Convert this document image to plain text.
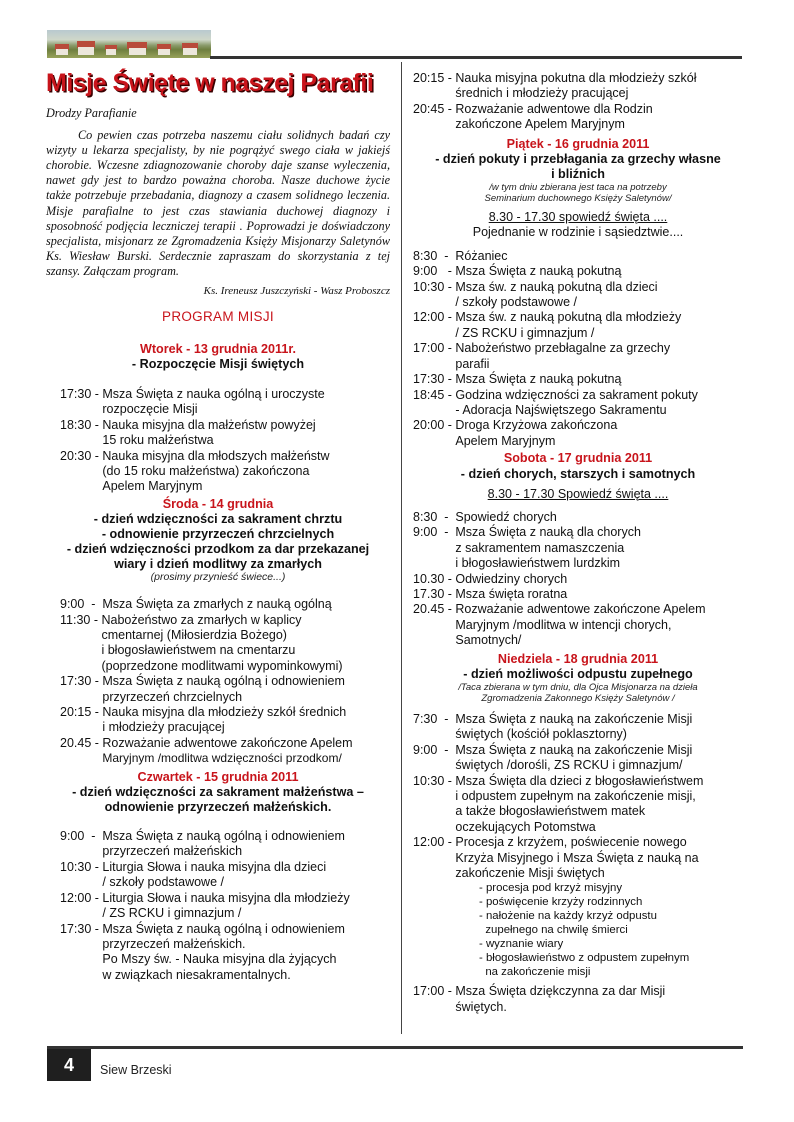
Misje Święte w naszej Parafii

Drodzy Parafianie

Co pewien czas potrzeba naszemu ciału solidnych badań czy wizyty u lekarza specjalisty, by nie pogrążyć swego ciała w jakiejś chorobie. Wczesne zdiagnozowanie choroby daje szanse wyleczenia, nawet gdy jest to bardzo poważna choroba. Nasze duchowe życie także potrzebuje przebadania, diagnozy a czasem solidnego leczenia. Misje parafialne to jest czas stawiania duchowej diagnozy i sposobność podjęcia leczniczej terapii . Poprowadzi je doświadczony specjalista, misjonarz ze Zgromadzenia Księży Misjonarzy Saletynów Ks. Wiesław Burski. Serdecznie zapraszam do skorzystania z tej szansy. Załączam program.

Ks. Ireneusz Juszczyński - Wasz Proboszcz

PROGRAM MISJI
Wtorek - 13 grudnia 2011r.
- Rozpoczęcie Misji świętych
17:30 - Msza Święta z nauka ogólną i uroczyste
rozpoczęcie Misji
18:30 - Nauka misyjna dla małżeństw powyżej
15 roku małżeństwa
20:30 - Nauka misyjna dla młodszych małżeństw
(do 15 roku małżeństwa) zakończona
Apelem Maryjnym
Środa - 14 grudnia
- dzień wdzięczności za sakrament chrztu
- odnowienie przyrzeczeń chrzcielnych
- dzień wdzięczności przodkom za dar przekazanej
wiary i dzień modlitwy za zmarłych
(prosimy przynieść świece...)
9:00  - Msza Święta za zmarłych z nauką ogólną
11:30 - Nabożeństwo za zmarłych w kaplicy
cmentarnej (Miłosierdzia Bożego)
i błogosławieństwem na cmentarzu
(poprzedzone modlitwami wypominkowymi)
17:30 - Msza Święta z nauką ogólną i odnowieniem
przyrzeczeń chrzcielnych
20:15 - Nauka misyjna dla młodzieży szkół średnich
i młodzieży pracującej
20.45 - Rozważanie adwentowe zakończone Apelem
Maryjnym /modlitwa wdzięczności przodkom/
Czwartek - 15 grudnia 2011
- dzień wdzięczności za sakrament małżeństwa –
odnowienie przyrzeczeń małżeńskich.
9:00  - Msza Święta z nauką ogólną i odnowieniem
przyrzeczeń małżeńskich
10:30 - Liturgia Słowa i nauka misyjna dla dzieci
/ szkoły podstawowe /
12:00 - Liturgia Słowa i nauka misyjna dla młodzieży
/ ZS RCKU i gimnazjum /
17:30 - Msza Święta z nauką ogólną i odnowieniem
przyrzeczeń małżeńskich.
Po Mszy św. - Nauka misyjna dla żyjących
w związkach niesakramentalnych.
20:15 - Nauka misyjna pokutna dla młodzieży szkół
średnich i młodzieży pracującej
20:45 - Rozważanie adwentowe dla Rodzin
zakończone Apelem Maryjnym
Piątek - 16 grudnia 2011
- dzień pokuty i przebłagania za grzechy własne
i bliźnich
/w tym dniu zbierana jest taca na potrzeby
Seminarium duchownego Księży Saletynów/
8.30 - 17.30 spowiedź święta ....
Pojednanie w rodzinie i sąsiedztwie....
8:30  - Różaniec
9:00   - Msza Święta z nauką pokutną
10:30 - Msza św. z nauką pokutną dla dzieci
/ szkoły podstawowe /
12:00 - Msza św. z nauką pokutną dla młodzieży
/ ZS RCKU i gimnazjum /
17:00 - Nabożeństwo przebłagalne za grzechy
parafii
17:30 - Msza Święta z nauką pokutną
18:45 - Godzina wdzięczności za sakrament pokuty
- Adoracja Najświętszego Sakramentu
20:00 - Droga Krzyżowa zakończona
Apelem Maryjnym
Sobota - 17 grudnia 2011
- dzień chorych, starszych i samotnych
8.30 - 17.30 Spowiedź święta ....
8:30  - Spowiedź chorych
9:00  - Msza Święta z nauką dla chorych
z sakramentem namaszczenia
i błogosławieństwem lurdzkim
10.30 - Odwiedziny chorych
17.30 - Msza święta roratna
20.45 - Rozważanie adwentowe zakończone Apelem
Maryjnym /modlitwa w intencji chorych,
Samotnych/
Niedziela - 18 grudnia 2011
- dzień możliwości odpustu zupełnego
/Taca zbierana w tym dniu, dla Ojca Misjonarza na dzieła
Zgromadzenia Zakonnego Księży Saletynów /
7:30  - Msza Święta z nauką na zakończenie Misji
świętych (kościół poklasztorny)
9:00  - Msza Święta z nauką na zakończenie Misji
świętych /dorośli, ZS RCKU i gimnazjum/
10:30 - Msza Święta dla dzieci z błogosławieństwem
i odpustem zupełnym na zakończenie misji,
a także błogosławieństwem matek
oczekujących Potomstwa
12:00 - Procesja z krzyżem, poświecenie nowego
Krzyża Misyjnego i Msza Święta z nauką na
zakończenie Misji świętych
- procesja pod krzyż misyjny
- poświęcenie krzyży rodzinnych
- nałożenie na każdy krzyż odpustu
zupełnego na chwilę śmierci
- wyznanie wiary
- błogosławieństwo z odpustem zupełnym
na zakończenie misji
17:00 - Msza Święta dziękczynna za dar Misji
świętych.
4	Siew Brzeski
